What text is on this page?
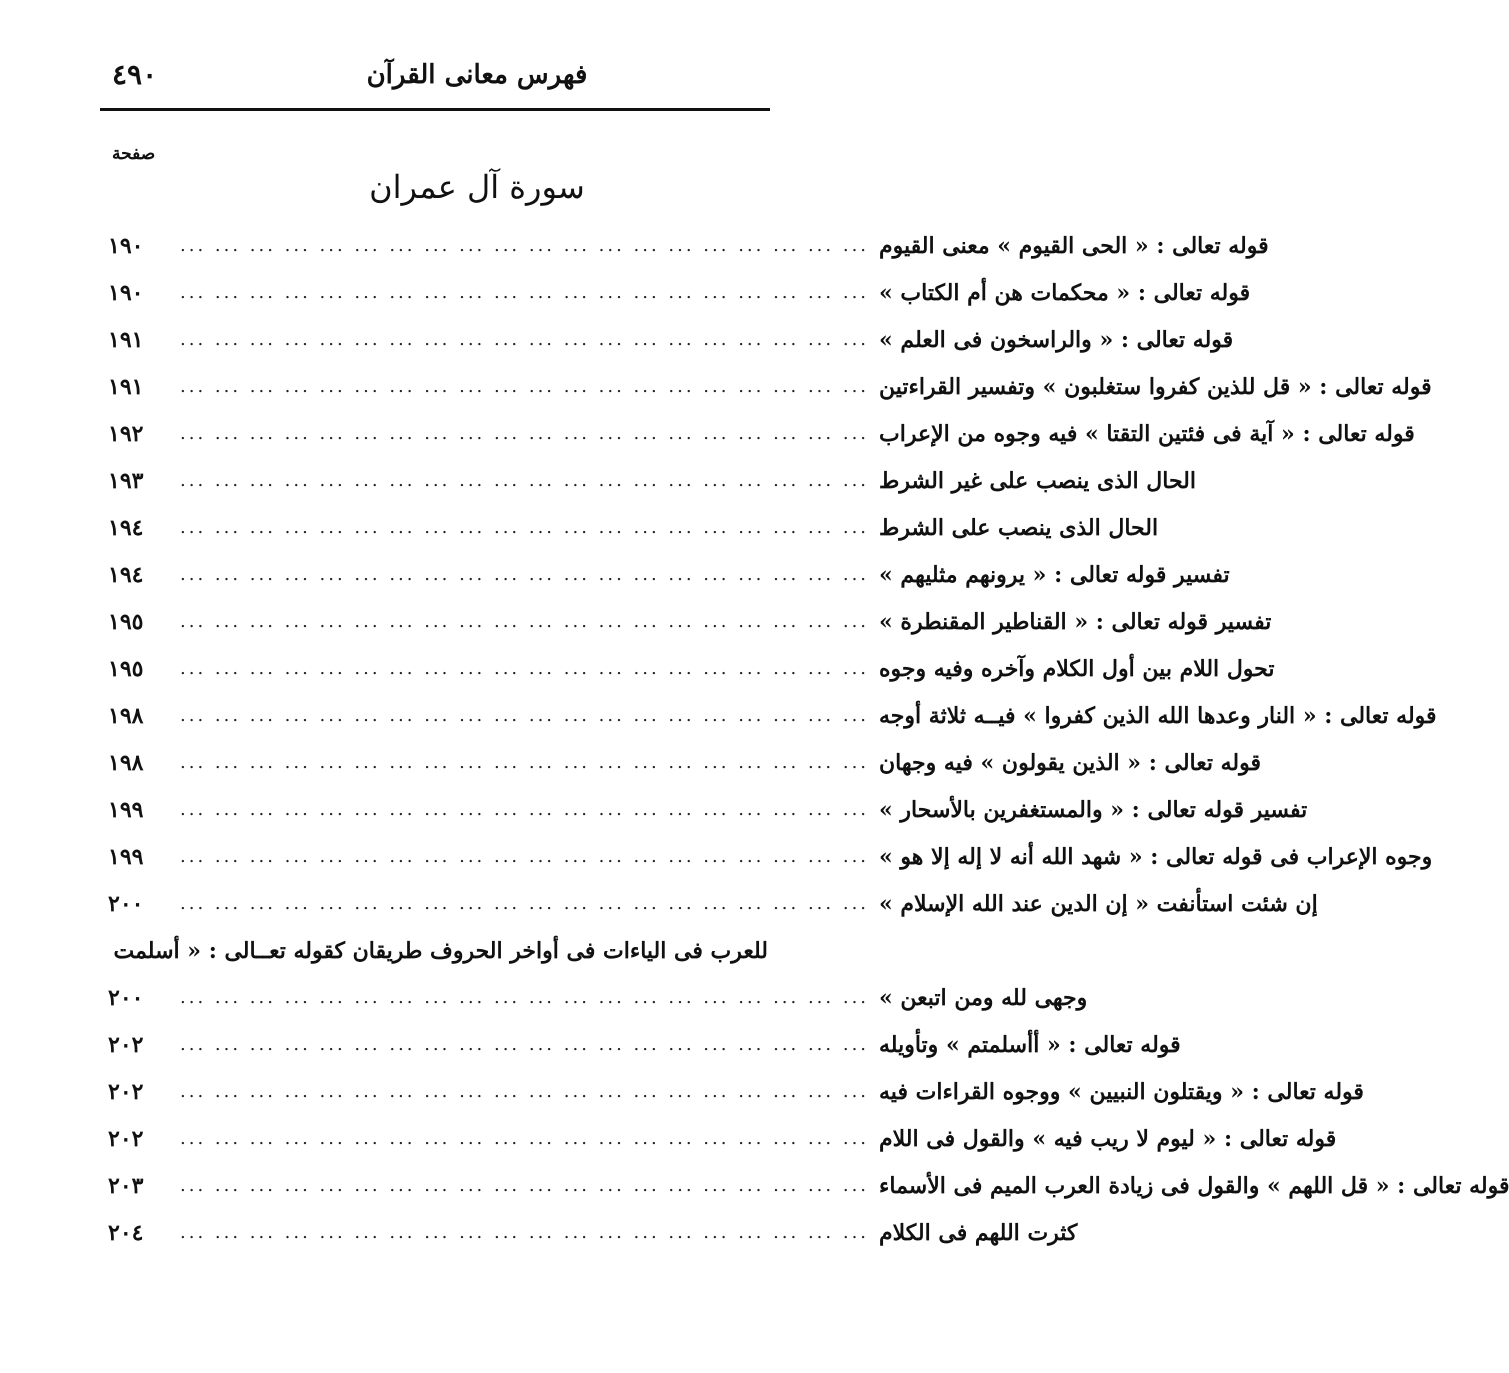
٤٩٠	فهرس معانى القرآن
صفحة
سورة آل عمران
١٩٠	... ... ... ... ... ... ... ... ... ... ... ... ... ... ... ... ... ... ... ... قوله تعالى : « الحى القيوم » معنى القيوم
١٩٠	... ... ... ... ... ... ... ... ... ... ... ... ... ... ... ... ... ... ... ... قوله تعالى : « محكمات هن أم الكتاب »
١٩١	... ... ... ... ... ... ... ... ... ... ... ... ... ... ... ... ... ... ... ... قوله تعالى : « والراسخون فى العلم »
١٩١	... ... ... ... ... ... ... ... ... ... ... ... ... ... ... ... ... ... ... ... قوله تعالى : « قل للذين كفروا ستغلبون » وتفسير القراءتين
١٩٢	... ... ... ... ... ... ... ... ... ... ... ... ... ... ... ... ... ... ... ... قوله تعالى : « آية فى فئتين التقتا » فيه وجوه من الإعراب
١٩٣	... ... ... ... ... ... ... ... ... ... ... ... ... ... ... ... ... ... ... ... الحال الذى ينصب على غير الشرط
١٩٤	... ... ... ... ... ... ... ... ... ... ... ... ... ... ... ... ... ... ... ... الحال الذى ينصب على الشرط
١٩٤	... ... ... ... ... ... ... ... ... ... ... ... ... ... ... ... ... ... ... ... تفسير قوله تعالى : « يرونهم مثليهم »
١٩٥	... ... ... ... ... ... ... ... ... ... ... ... ... ... ... ... ... ... ... ... تفسير قوله تعالى : « القناطير المقنطرة »
١٩٥	... ... ... ... ... ... ... ... ... ... ... ... ... ... ... ... ... ... ... ... تحول اللام بين أول الكلام وآخره وفيه وجوه
١٩٨	... ... ... ... ... ... ... ... ... ... ... ... ... ... ... ... ... ... ... ... قوله تعالى : « النار وعدها الله الذين كفروا » فيــه ثلاثة أوجه
١٩٨	... ... ... ... ... ... ... ... ... ... ... ... ... ... ... ... ... ... ... ... قوله تعالى : « الذين يقولون » فيه وجهان
١٩٩	... ... ... ... ... ... ... ... ... ... ... ... ... ... ... ... ... ... ... ... تفسير قوله تعالى : « والمستغفرين بالأسحار »
١٩٩	... ... ... ... ... ... ... ... ... ... ... ... ... ... ... ... ... ... ... ... وجوه الإعراب فى قوله تعالى : « شهد الله أنه لا إله إلا هو »
٢٠٠	... ... ... ... ... ... ... ... ... ... ... ... ... ... ... ... ... ... ... ... إن شئت استأنفت « إن الدين عند الله الإسلام »
للعرب فى الياءات فى أواخر الحروف طريقان كقوله تعــالى : « أسلمت
٢٠٠	... ... ... ... ... ... ... ... ... ... ... ... ... ... ... ... ... ... ... ... وجهى لله ومن اتبعن »
٢٠٢	... ... ... ... ... ... ... ... ... ... ... ... ... ... ... ... ... ... ... ... قوله تعالى : « أأسلمتم » وتأويله
٢٠٢	... ... ... ... ... ... ... ... ... ... ... ... ... ... ... ... ... ... ... ... قوله تعالى : « ويقتلون النبيين » ووجوه القراءات فيه
٢٠٢	... ... ... ... ... ... ... ... ... ... ... ... ... ... ... ... ... ... ... ... قوله تعالى : « ليوم لا ريب فيه » والقول فى اللام
٢٠٣	... ... ... ... ... ... ... ... ... ... ... ... ... ... ... ... ... ... ... ... قوله تعالى : « قل اللهم » والقول فى زيادة العرب الميم فى الأسماء
٢٠٤	... ... ... ... ... ... ... ... ... ... ... ... ... ... ... ... ... ... ... ... كثرت اللهم فى الكلام
